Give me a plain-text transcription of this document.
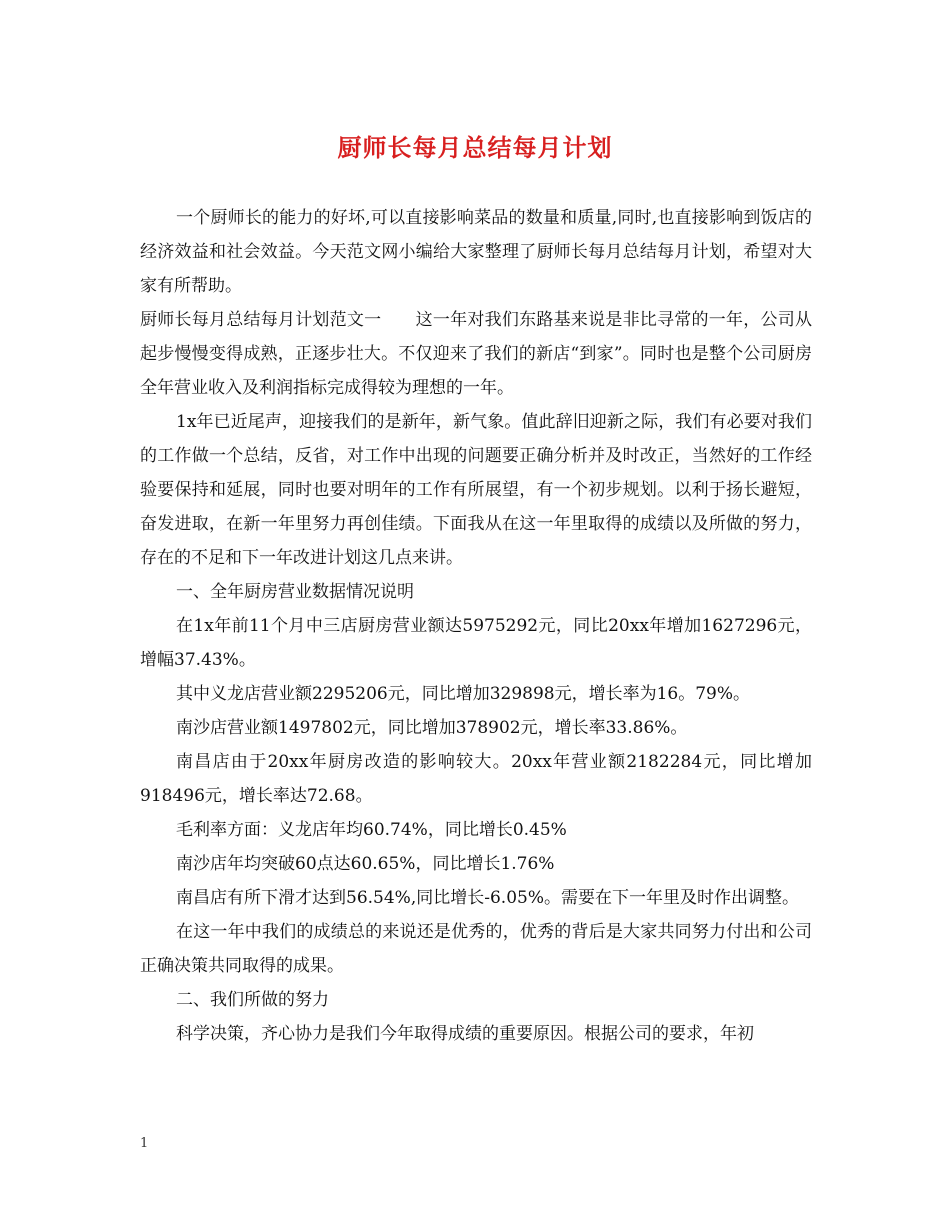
厨师长每月总结每月计划

一个厨师长的能力的好坏,可以直接影响菜品的数量和质量,同时,也直接影响到饭店的经济效益和社会效益。今天范文网小编给大家整理了厨师长每月总结每月计划，希望对大家有所帮助。

厨师长每月总结每月计划范文一 这一年对我们东路基来说是非比寻常的一年，公司从起步慢慢变得成熟，正逐步壮大。不仅迎来了我们的新店“到家”。同时也是整个公司厨房全年营业收入及利润指标完成得较为理想的一年。

1x年已近尾声，迎接我们的是新年，新气象。值此辞旧迎新之际，我们有必要对我们的工作做一个总结，反省，对工作中出现的问题要正确分析并及时改正，当然好的工作经验要保持和延展，同时也要对明年的工作有所展望，有一个初步规划。以利于扬长避短，奋发进取，在新一年里努力再创佳绩。下面我从在这一年里取得的成绩以及所做的努力，存在的不足和下一年改进计划这几点来讲。

一、全年厨房营业数据情况说明

在1x年前11个月中三店厨房营业额达5975292元，同比20xx年增加1627296元，增幅37.43%。

其中义龙店营业额2295206元，同比增加329898元，增长率为16。79%。

南沙店营业额1497802元，同比增加378902元，增长率33.86%。

南昌店由于20xx年厨房改造的影响较大。20xx年营业额2182284元，同比增加918496元，增长率达72.68。

毛利率方面：义龙店年均60.74%，同比增长0.45%

南沙店年均突破60点达60.65%，同比增长1.76%

南昌店有所下滑才达到56.54%,同比增长-6.05%。需要在下一年里及时作出调整。

在这一年中我们的成绩总的来说还是优秀的，优秀的背后是大家共同努力付出和公司正确决策共同取得的成果。

二、我们所做的努力

科学决策，齐心协力是我们今年取得成绩的重要原因。根据公司的要求，年初

1
